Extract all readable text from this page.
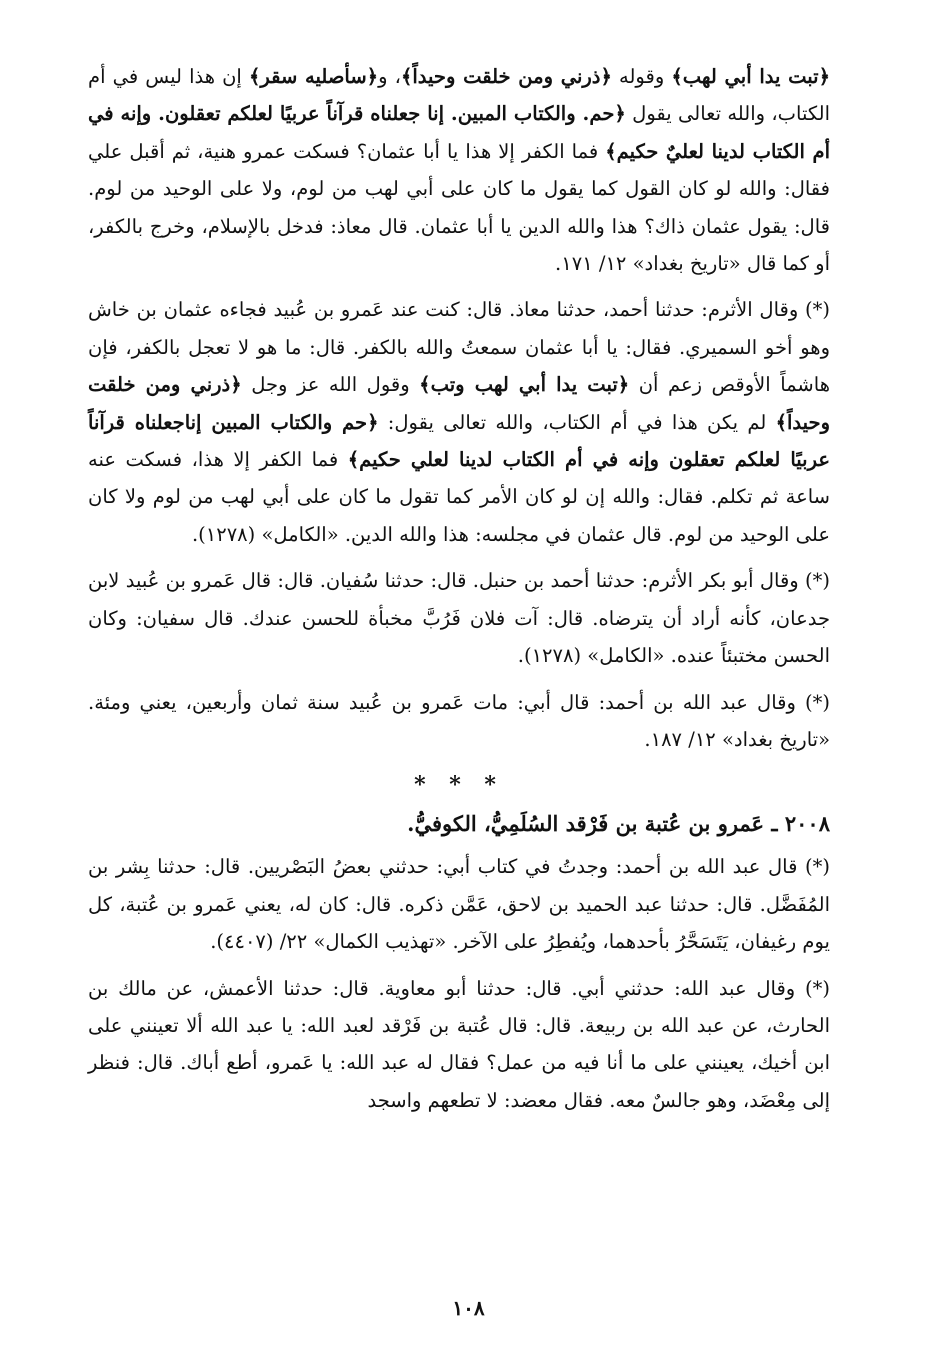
﴿تبت يدا أبي لهب﴾ وقوله ﴿ذرني ومن خلقت وحيداً﴾، و﴿سأصليه سقر﴾ إن هذا ليس في أم الكتاب، والله تعالى يقول ﴿حم. والكتاب المبين. إنا جعلناه قرآناً عربيًا لعلكم تعقلون. وإنه في أم الكتاب لدينا لعليٌ حكيم﴾ فما الكفر إلا هذا يا أبا عثمان؟ فسكت عمرو هنية، ثم أقبل علي فقال: والله لو كان القول كما يقول ما كان على أبي لهب من لوم، ولا على الوحيد من لوم. قال: يقول عثمان ذاك؟ هذا والله الدين يا أبا عثمان. قال معاذ: فدخل بالإسلام، وخرج بالكفر، أو كما قال «تاريخ بغداد» ١٢/ ١٧١.

(*) وقال الأثرم: حدثنا أحمد، حدثنا معاذ. قال: كنت عند عَمرو بن عُبيد فجاءه عثمان بن خاش وهو أخو السميري. فقال: يا أبا عثمان سمعتُ والله بالكفر. قال: ما هو لا تعجل بالكفر، فإن هاشماً الأوقص زعم أن ﴿تبت يدا أبي لهب وتب﴾ وقول الله عز وجل ﴿ذرني ومن خلقت وحيداً﴾ لم يكن هذا في أم الكتاب، والله تعالى يقول: ﴿حم والكتاب المبين إناجعلناه قرآناً عربيًا لعلكم تعقلون وإنه في أم الكتاب لدينا لعلي حكيم﴾ فما الكفر إلا هذا، فسكت عنه ساعة ثم تكلم. فقال: والله إن لو كان الأمر كما تقول ما كان على أبي لهب من لوم ولا كان على الوحيد من لوم. قال عثمان في مجلسه: هذا والله الدين. «الكامل» (١٢٧٨).

(*) وقال أبو بكر الأثرم: حدثنا أحمد بن حنبل. قال: حدثنا سُفيان. قال: قال عَمرو بن عُبيد لابن جدعان، كأنه أراد أن يترضاه. قال: آت فلان فَرُبَّ مخبأة للحسن عندك. قال سفيان: وكان الحسن مختبئاً عنده. «الكامل» (١٢٧٨).

(*) وقال عبد الله بن أحمد: قال أبي: مات عَمرو بن عُبيد سنة ثمان وأربعين، يعني ومئة. «تاريخ بغداد» ١٢/ ١٨٧.

* * *
٢٠٠٨ ـ عَمرو بن عُتبة بن فَرْقد السُلَمِيُّ، الكوفيُّ.

(*) قال عبد الله بن أحمد: وجدتُ في كتاب أبي: حدثني بعضُ البَصْريين. قال: حدثنا بِشر بن المُفَضَّل. قال: حدثنا عبد الحميد بن لاحق، عَمَّن ذكره. قال: كان له، يعني عَمرو بن عُتبة، كل يوم رغيفان، يَتَسَحَّرُ بأحدهما، ويُفطِرُ على الآخر. «تهذيب الكمال» ٢٢/ (٤٤٠٧).

(*) وقال عبد الله: حدثني أبي. قال: حدثنا أبو معاوية. قال: حدثنا الأعمش، عن مالك بن الحارث، عن عبد الله بن ربيعة. قال: قال عُتبة بن فَرْقد لعبد الله: يا عبد الله ألا تعينني على ابن أخيك، يعينني على ما أنا فيه من عمل؟ فقال له عبد الله: يا عَمرو، أطع أباك. قال: فنظر إلى مِعْضَد، وهو جالسٌ معه. فقال معضد: لا تطعهم واسجد

١٠٨
